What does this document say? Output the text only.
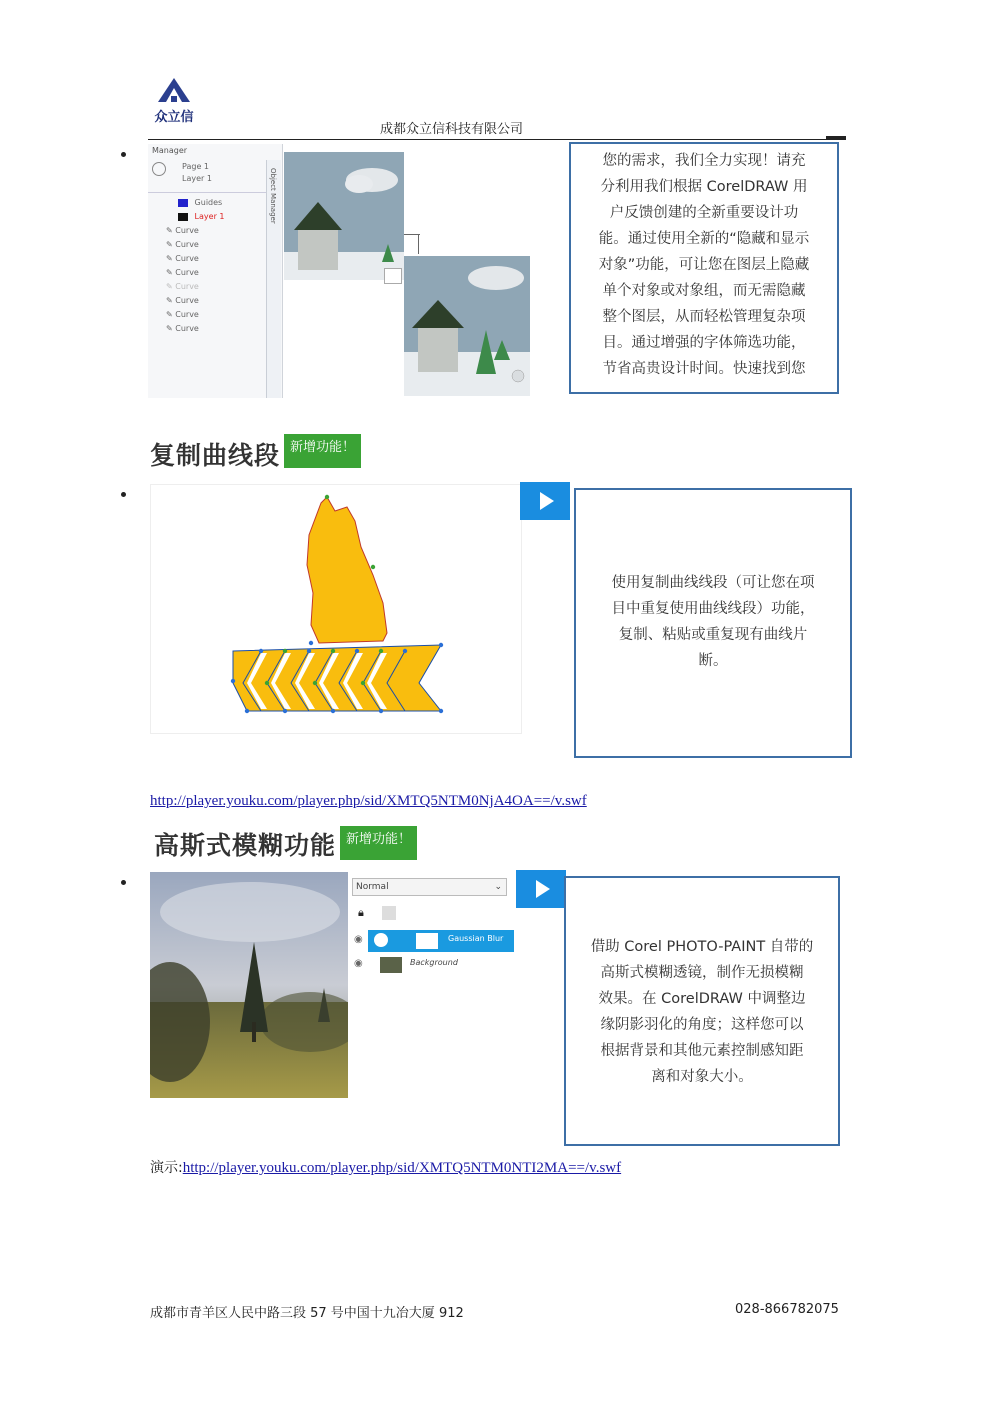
众立信
成都众立信科技有限公司
Manager
Page 1
Layer 1
Guides
Layer 1
✎ Curve
✎ Curve
✎ Curve
✎ Curve
✎ Curve
✎ Curve
✎ Curve
✎ Curve
Object Manager

您的需求，我们全力实现！请充

分利用我们根据 CorelDRAW 用

户反馈创建的全新重要设计功

能。通过使用全新的“隐藏和显示

对象”功能，可让您在图层上隐藏

单个对象或对象组，而无需隐藏

整个图层，从而轻松管理复杂项

目。通过增强的字体筛选功能，

节省高贵设计时间。快速找到您

复制曲线段 新增功能！

使用复制曲线线段（可让您在项

目中重复使用曲线线段）功能，

复制、粘贴或重复现有曲线片

断。

http://player.youku.com/player.php/sid/XMTQ5NTM0NjA4OA==/v.swf
高斯式模糊功能 新增功能！
Normal	⌄
🔒︎
◉	Gaussian Blur
◉	Background

借助 Corel PHOTO-PAINT 自带的

高斯式模糊透镜，制作无损模糊

效果。在 CorelDRAW 中调整边

缘阴影羽化的角度；这样您可以

根据背景和其他元素控制感知距

离和对象大小。

演示:http://player.youku.com/player.php/sid/XMTQ5NTM0NTI2MA==/v.swf
成都市青羊区人民中路三段 57 号中国十九冶大厦 912	028-866782075
